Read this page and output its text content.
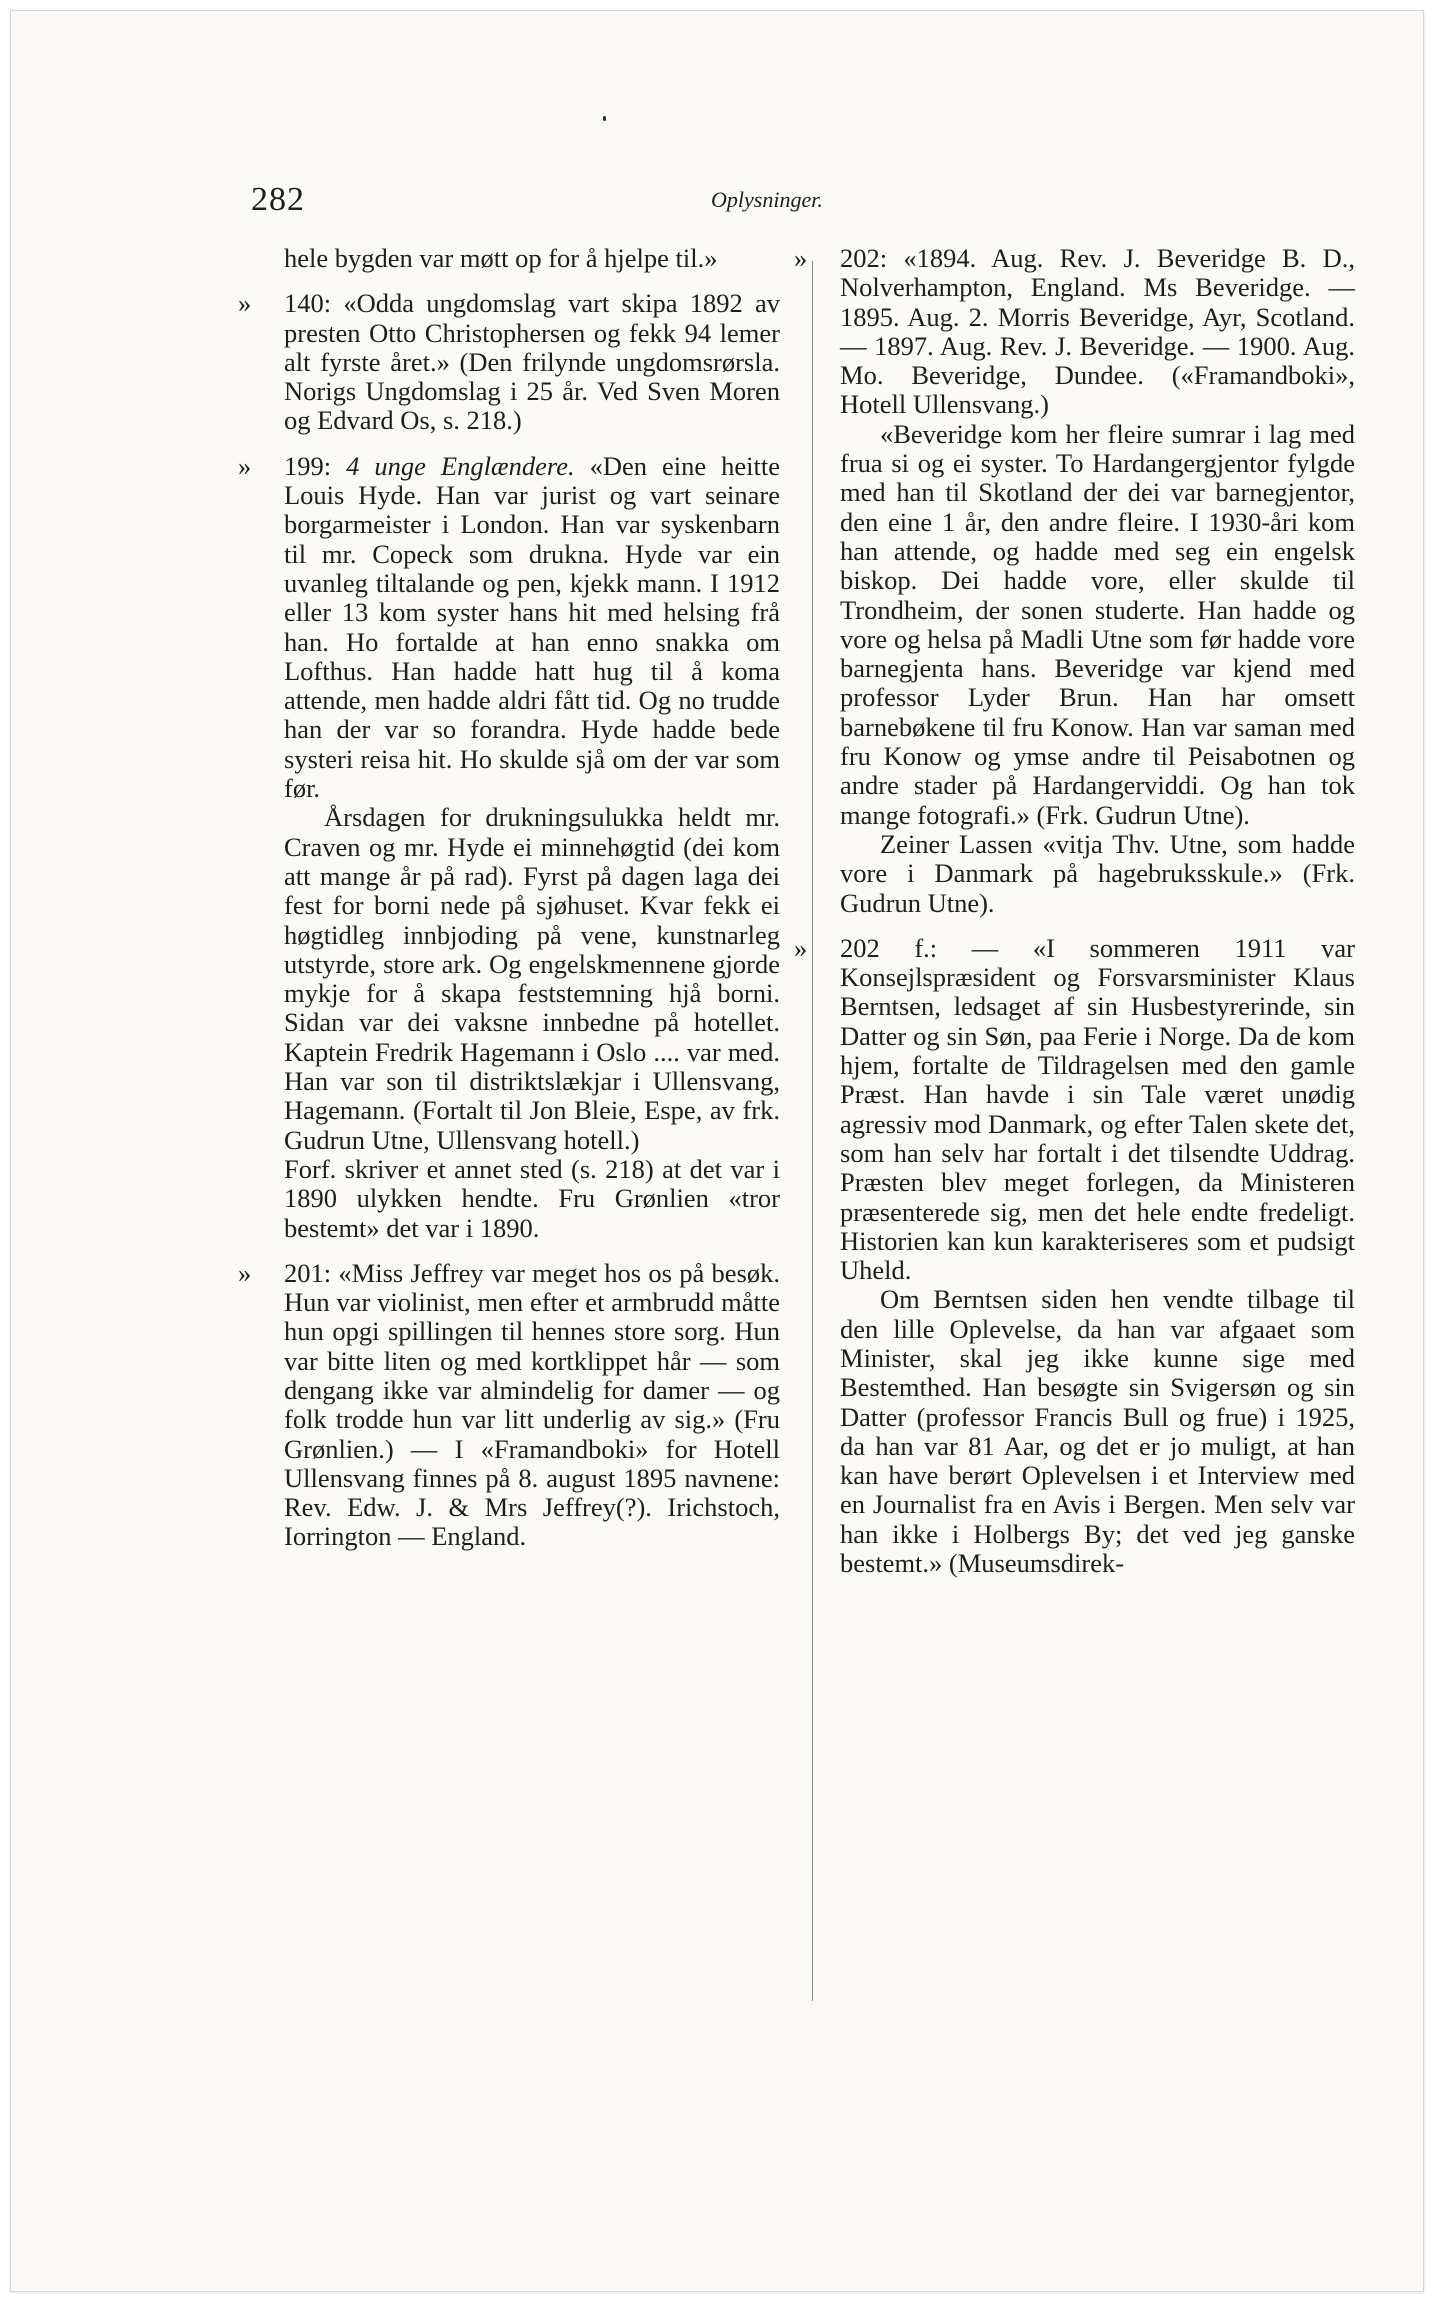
282	Oplysninger.

hele bygden var møtt op for å hjelpe til.»

»	140: «Odda ungdomslag vart skipa 1892 av presten Otto Christophersen og fekk 94 lemer alt fyrste året.» (Den frilynde ungdomsrørsla. Norigs Ungdomslag i 25 år. Ved Sven Moren og Edvard Os, s. 218.)

»	199: 4 unge Englændere. «Den eine heitte Louis Hyde. Han var jurist og vart seinare borgarmeister i London. Han var syskenbarn til mr. Copeck som drukna. Hyde var ein uvanleg tiltalande og pen, kjekk mann. I 1912 eller 13 kom syster hans hit med helsing frå han. Ho fortalde at han enno snakka om Lofthus. Han hadde hatt hug til å koma attende, men hadde aldri fått tid. Og no trudde han der var so forandra. Hyde hadde bede systeri reisa hit. Ho skulde sjå om der var som før.

Årsdagen for drukningsulukka heldt mr. Craven og mr. Hyde ei minnehøgtid (dei kom att mange år på rad). Fyrst på dagen laga dei fest for borni nede på sjøhuset. Kvar fekk ei høgtidleg innbjoding på vene, kunstnarleg utstyrde, store ark. Og engelskmennene gjorde mykje for å skapa feststemning hjå borni. Sidan var dei vaksne innbedne på hotellet. Kaptein Fredrik Hagemann i Oslo .... var med. Han var son til distriktslækjar i Ullensvang, Hagemann. (Fortalt til Jon Bleie, Espe, av frk. Gudrun Utne, Ullensvang hotell.)

Forf. skriver et annet sted (s. 218) at det var i 1890 ulykken hendte. Fru Grønlien «tror bestemt» det var i 1890.

»	201: «Miss Jeffrey var meget hos os på besøk. Hun var violinist, men efter et armbrudd måtte hun opgi spillingen til hennes store sorg. Hun var bitte liten og med kortklippet hår — som dengang ikke var almindelig for damer — og folk trodde hun var litt underlig av sig.» (Fru Grønlien.) — I «Framandboki» for Hotell Ullensvang finnes på 8. august 1895 navnene: Rev. Edw. J. & Mrs Jeffrey(?). Irichstoch, Iorrington — England.

»	202: «1894. Aug. Rev. J. Beveridge B. D., Nolverhampton, England. Ms Beveridge. — 1895. Aug. 2. Morris Beveridge, Ayr, Scotland. — 1897. Aug. Rev. J. Beveridge. — 1900. Aug. Mo. Beveridge, Dundee. («Framandboki», Hotell Ullensvang.)

«Beveridge kom her fleire sumrar i lag med frua si og ei syster. To Hardangergjentor fylgde med han til Skotland der dei var barnegjentor, den eine 1 år, den andre fleire. I 1930-åri kom han attende, og hadde med seg ein engelsk biskop. Dei hadde vore, eller skulde til Trondheim, der sonen studerte. Han hadde og vore og helsa på Madli Utne som før hadde vore barnegjenta hans. Beveridge var kjend med professor Lyder Brun. Han har omsett barnebøkene til fru Konow. Han var saman med fru Konow og ymse andre til Peisabotnen og andre stader på Hardangerviddi. Og han tok mange fotografi.» (Frk. Gudrun Utne).

Zeiner Lassen «vitja Thv. Utne, som hadde vore i Danmark på hagebruksskule.» (Frk. Gudrun Utne).

»	202 f.: — «I sommeren 1911 var Konsejlspræsident og Forsvarsminister Klaus Berntsen, ledsaget af sin Husbestyrerinde, sin Datter og sin Søn, paa Ferie i Norge. Da de kom hjem, fortalte de Tildragelsen med den gamle Præst. Han havde i sin Tale været unødig agressiv mod Danmark, og efter Talen skete det, som han selv har fortalt i det tilsendte Uddrag. Præsten blev meget forlegen, da Ministeren præsenterede sig, men det hele endte fredeligt. Historien kan kun karakteriseres som et pudsigt Uheld.

Om Berntsen siden hen vendte tilbage til den lille Oplevelse, da han var afgaaet som Minister, skal jeg ikke kunne sige med Bestemthed. Han besøgte sin Svigersøn og sin Datter (professor Francis Bull og frue) i 1925, da han var 81 Aar, og det er jo muligt, at han kan have berørt Oplevelsen i et Interview med en Journalist fra en Avis i Bergen. Men selv var han ikke i Holbergs By; det ved jeg ganske bestemt.» (Museumsdirek-
